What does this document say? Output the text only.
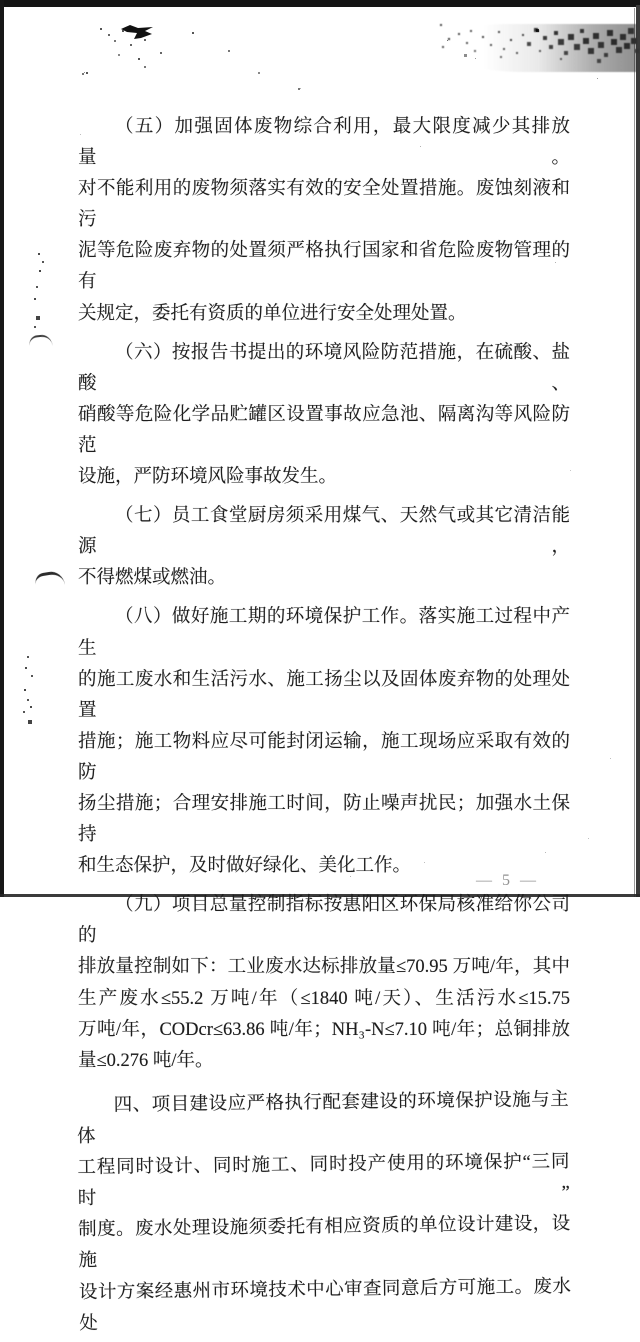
（五）加强固体废物综合利用，最大限度减少其排放量。
对不能利用的废物须落实有效的安全处置措施。废蚀刻液和污
泥等危险废弃物的处置须严格执行国家和省危险废物管理的有
关规定，委托有资质的单位进行安全处理处置。

（六）按报告书提出的环境风险防范措施，在硫酸、盐酸、
硝酸等危险化学品贮罐区设置事故应急池、隔离沟等风险防范
设施，严防环境风险事故发生。

（七）员工食堂厨房须采用煤气、天然气或其它清洁能源，
不得燃煤或燃油。

（八）做好施工期的环境保护工作。落实施工过程中产生
的施工废水和生活污水、施工扬尘以及固体废弃物的处理处置
措施；施工物料应尽可能封闭运输，施工现场应采取有效的防
扬尘措施；合理安排施工时间，防止噪声扰民；加强水土保持
和生态保护，及时做好绿化、美化工作。

（九）项目总量控制指标按惠阳区环保局核准给你公司的
排放量控制如下：工业废水达标排放量≤70.95 万吨/年，其中
生产废水≤55.2 万吨/年（≤1840 吨/天）、生活污水≤15.75
万吨/年，CODcr≤63.86 吨/年；NH₃-N≤7.10 吨/年；总铜排放
量≤0.276 吨/年。

四、项目建设应严格执行配套建设的环境保护设施与主体
工程同时设计、同时施工、同时投产使用的环境保护“三同时”
制度。废水处理设施须委托有相应资质的单位设计建设，设施
设计方案经惠州市环境技术中心审查同意后方可施工。废水处

— 5 —
